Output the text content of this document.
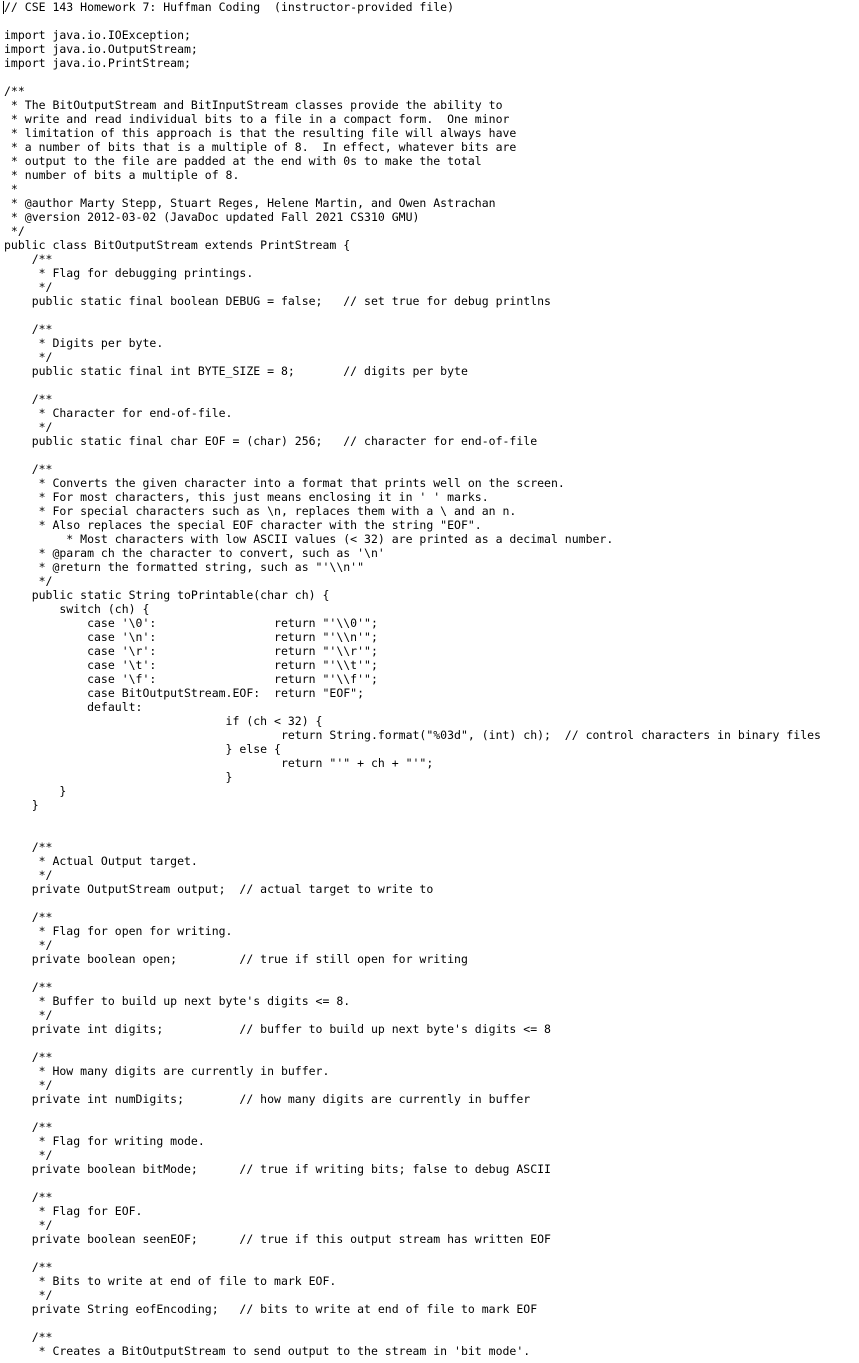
// CSE 143 Homework 7: Huffman Coding  (instructor-provided file)
import java.io.IOException;
import java.io.OutputStream;
import java.io.PrintStream;
/**
* The BitOutputStream and BitInputStream classes provide the ability to
* write and read individual bits to a file in a compact form.  One minor
* limitation of this approach is that the resulting file will always have
* a number of bits that is a multiple of 8.  In effect, whatever bits are
* output to the file are padded at the end with 0s to make the total
* number of bits a multiple of 8.
*
* @author Marty Stepp, Stuart Reges, Helene Martin, and Owen Astrachan
* @version 2012-03-02 (JavaDoc updated Fall 2021 CS310 GMU)
*/
public class BitOutputStream extends PrintStream {
/**
* Flag for debugging printings.
*/
public static final boolean DEBUG = false;   // set true for debug printlns
/**
* Digits per byte.
*/
public static final int BYTE_SIZE = 8;       // digits per byte
/**
* Character for end-of-file.
*/
public static final char EOF = (char) 256;   // character for end-of-file
/**
* Converts the given character into a format that prints well on the screen.
* For most characters, this just means enclosing it in ' ' marks.
* For special characters such as \n, replaces them with a \ and an n.
* Also replaces the special EOF character with the string "EOF".
* Most characters with low ASCII values (< 32) are printed as a decimal number.
* @param ch the character to convert, such as '\n'
* @return the formatted string, such as "'\\n'"
*/
public static String toPrintable(char ch) {
switch (ch) {
case '\0':                 return "'\\0'";
case '\n':                 return "'\\n'";
case '\r':                 return "'\\r'";
case '\t':                 return "'\\t'";
case '\f':                 return "'\\f'";
case BitOutputStream.EOF:  return "EOF";
default:
if (ch < 32) {
return String.format("%03d", (int) ch);  // control characters in binary files
} else {
return "'" + ch + "'";
}
}
}
/**
* Actual Output target.
*/
private OutputStream output;  // actual target to write to
/**
* Flag for open for writing.
*/
private boolean open;         // true if still open for writing
/**
* Buffer to build up next byte's digits <= 8.
*/
private int digits;           // buffer to build up next byte's digits <= 8
/**
* How many digits are currently in buffer.
*/
private int numDigits;        // how many digits are currently in buffer
/**
* Flag for writing mode.
*/
private boolean bitMode;      // true if writing bits; false to debug ASCII
/**
* Flag for EOF.
*/
private boolean seenEOF;      // true if this output stream has written EOF
/**
* Bits to write at end of file to mark EOF.
*/
private String eofEncoding;   // bits to write at end of file to mark EOF
/**
* Creates a BitOutputStream to send output to the stream in 'bit mode'.
